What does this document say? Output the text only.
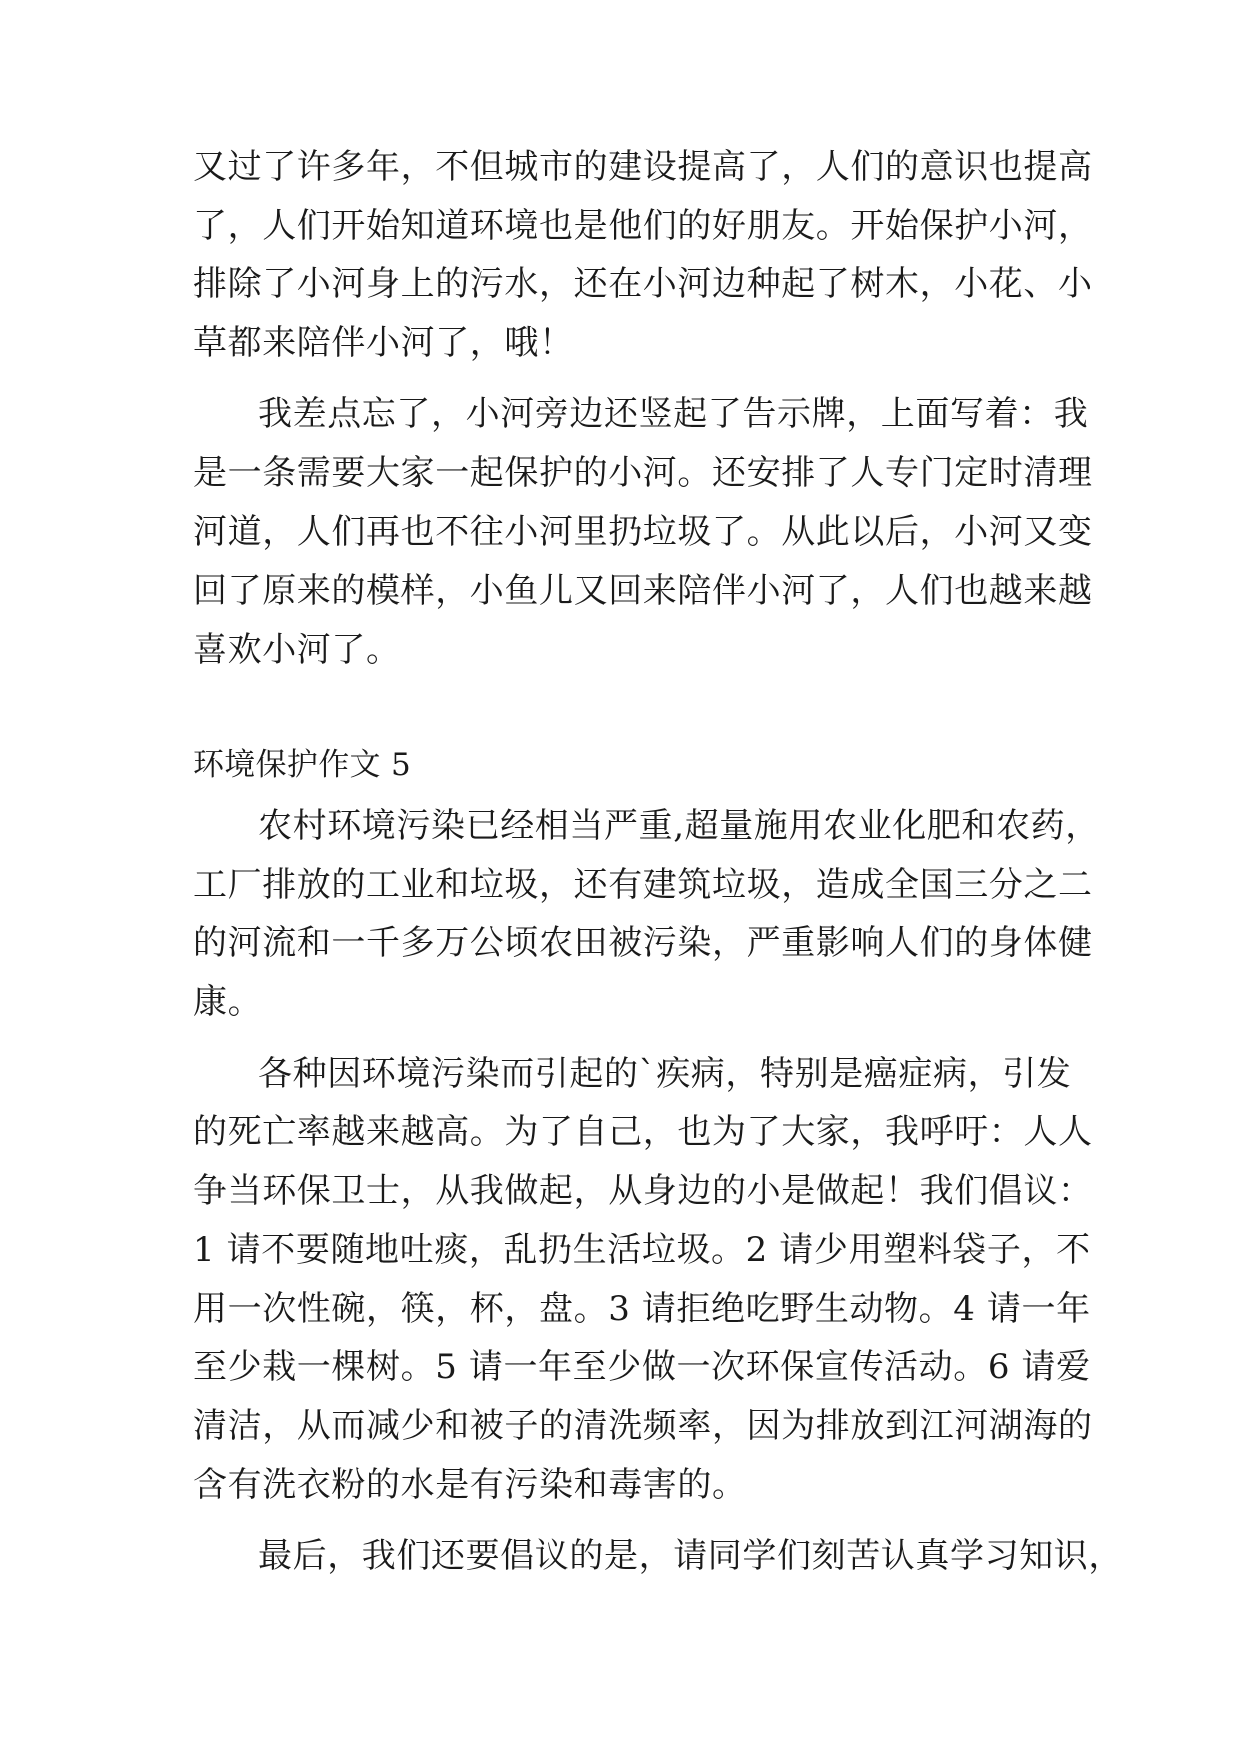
又过了许多年，不但城市的建设提高了，人们的意识也提高
了，人们开始知道环境也是他们的好朋友。开始保护小河，
排除了小河身上的污水，还在小河边种起了树木，小花、小
草都来陪伴小河了，哦！
我差点忘了，小河旁边还竖起了告示牌，上面写着：我
是一条需要大家一起保护的小河。还安排了人专门定时清理
河道，人们再也不往小河里扔垃圾了。从此以后，小河又变
回了原来的模样，小鱼儿又回来陪伴小河了，人们也越来越
喜欢小河了。
环境保护作文 5
农村环境污染已经相当严重,超量施用农业化肥和农药，
工厂排放的工业和垃圾，还有建筑垃圾，造成全国三分之二
的河流和一千多万公顷农田被污染，严重影响人们的身体健
康。
各种因环境污染而引起的`疾病，特别是癌症病，引发
的死亡率越来越高。为了自己，也为了大家，我呼吁：人人
争当环保卫士，从我做起，从身边的小是做起！我们倡议：
1 请不要随地吐痰，乱扔生活垃圾。2 请少用塑料袋子，不
用一次性碗，筷，杯，盘。3 请拒绝吃野生动物。4 请一年
至少栽一棵树。5 请一年至少做一次环保宣传活动。6 请爱
清洁，从而减少和被子的清洗频率，因为排放到江河湖海的
含有洗衣粉的水是有污染和毒害的。
最后，我们还要倡议的是，请同学们刻苦认真学习知识，
